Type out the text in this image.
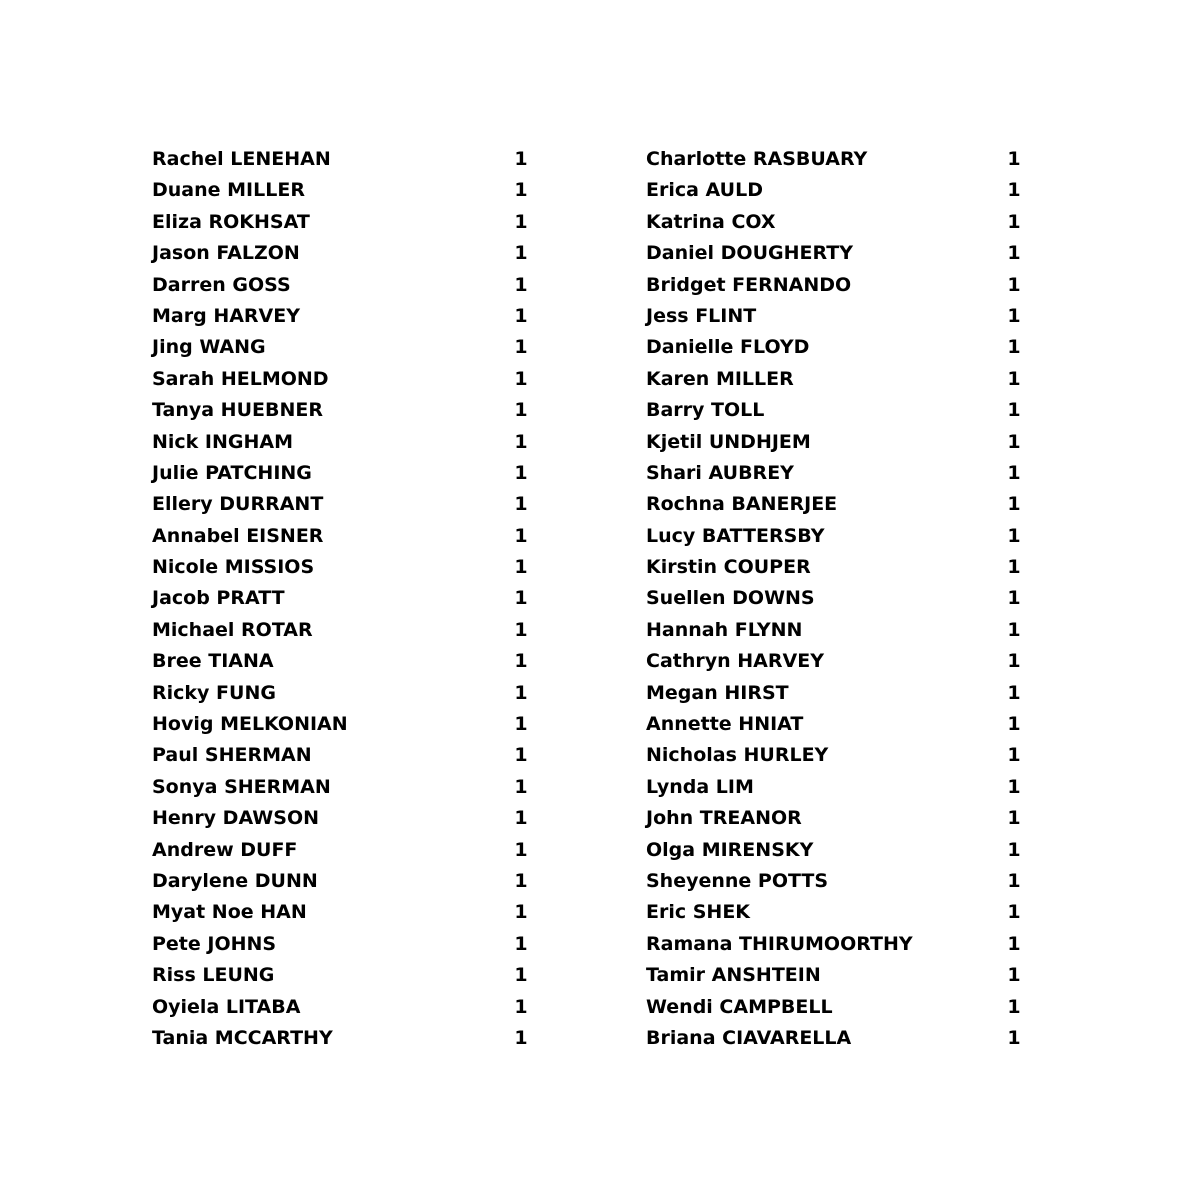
Rachel LENEHAN	1
Duane MILLER	1
Eliza ROKHSAT	1
Jason FALZON	1
Darren GOSS	1
Marg HARVEY	1
Jing WANG	1
Sarah HELMOND	1
Tanya HUEBNER	1
Nick INGHAM	1
Julie PATCHING	1
Ellery DURRANT	1
Annabel EISNER	1
Nicole MISSIOS	1
Jacob PRATT	1
Michael ROTAR	1
Bree TIANA	1
Ricky FUNG	1
Hovig MELKONIAN	1
Paul SHERMAN	1
Sonya SHERMAN	1
Henry DAWSON	1
Andrew DUFF	1
Darylene DUNN	1
Myat Noe HAN	1
Pete JOHNS	1
Riss LEUNG	1
Oyiela LITABA	1
Tania MCCARTHY	1
Charlotte RASBUARY	1
Erica AULD	1
Katrina COX	1
Daniel DOUGHERTY	1
Bridget FERNANDO	1
Jess FLINT	1
Danielle FLOYD	1
Karen MILLER	1
Barry TOLL	1
Kjetil UNDHJEM	1
Shari AUBREY	1
Rochna BANERJEE	1
Lucy BATTERSBY	1
Kirstin COUPER	1
Suellen DOWNS	1
Hannah FLYNN	1
Cathryn HARVEY	1
Megan HIRST	1
Annette HNIAT	1
Nicholas HURLEY	1
Lynda LIM	1
John TREANOR	1
Olga MIRENSKY	1
Sheyenne POTTS	1
Eric SHEK	1
Ramana THIRUMOORTHY	1
Tamir ANSHTEIN	1
Wendi CAMPBELL	1
Briana CIAVARELLA	1
